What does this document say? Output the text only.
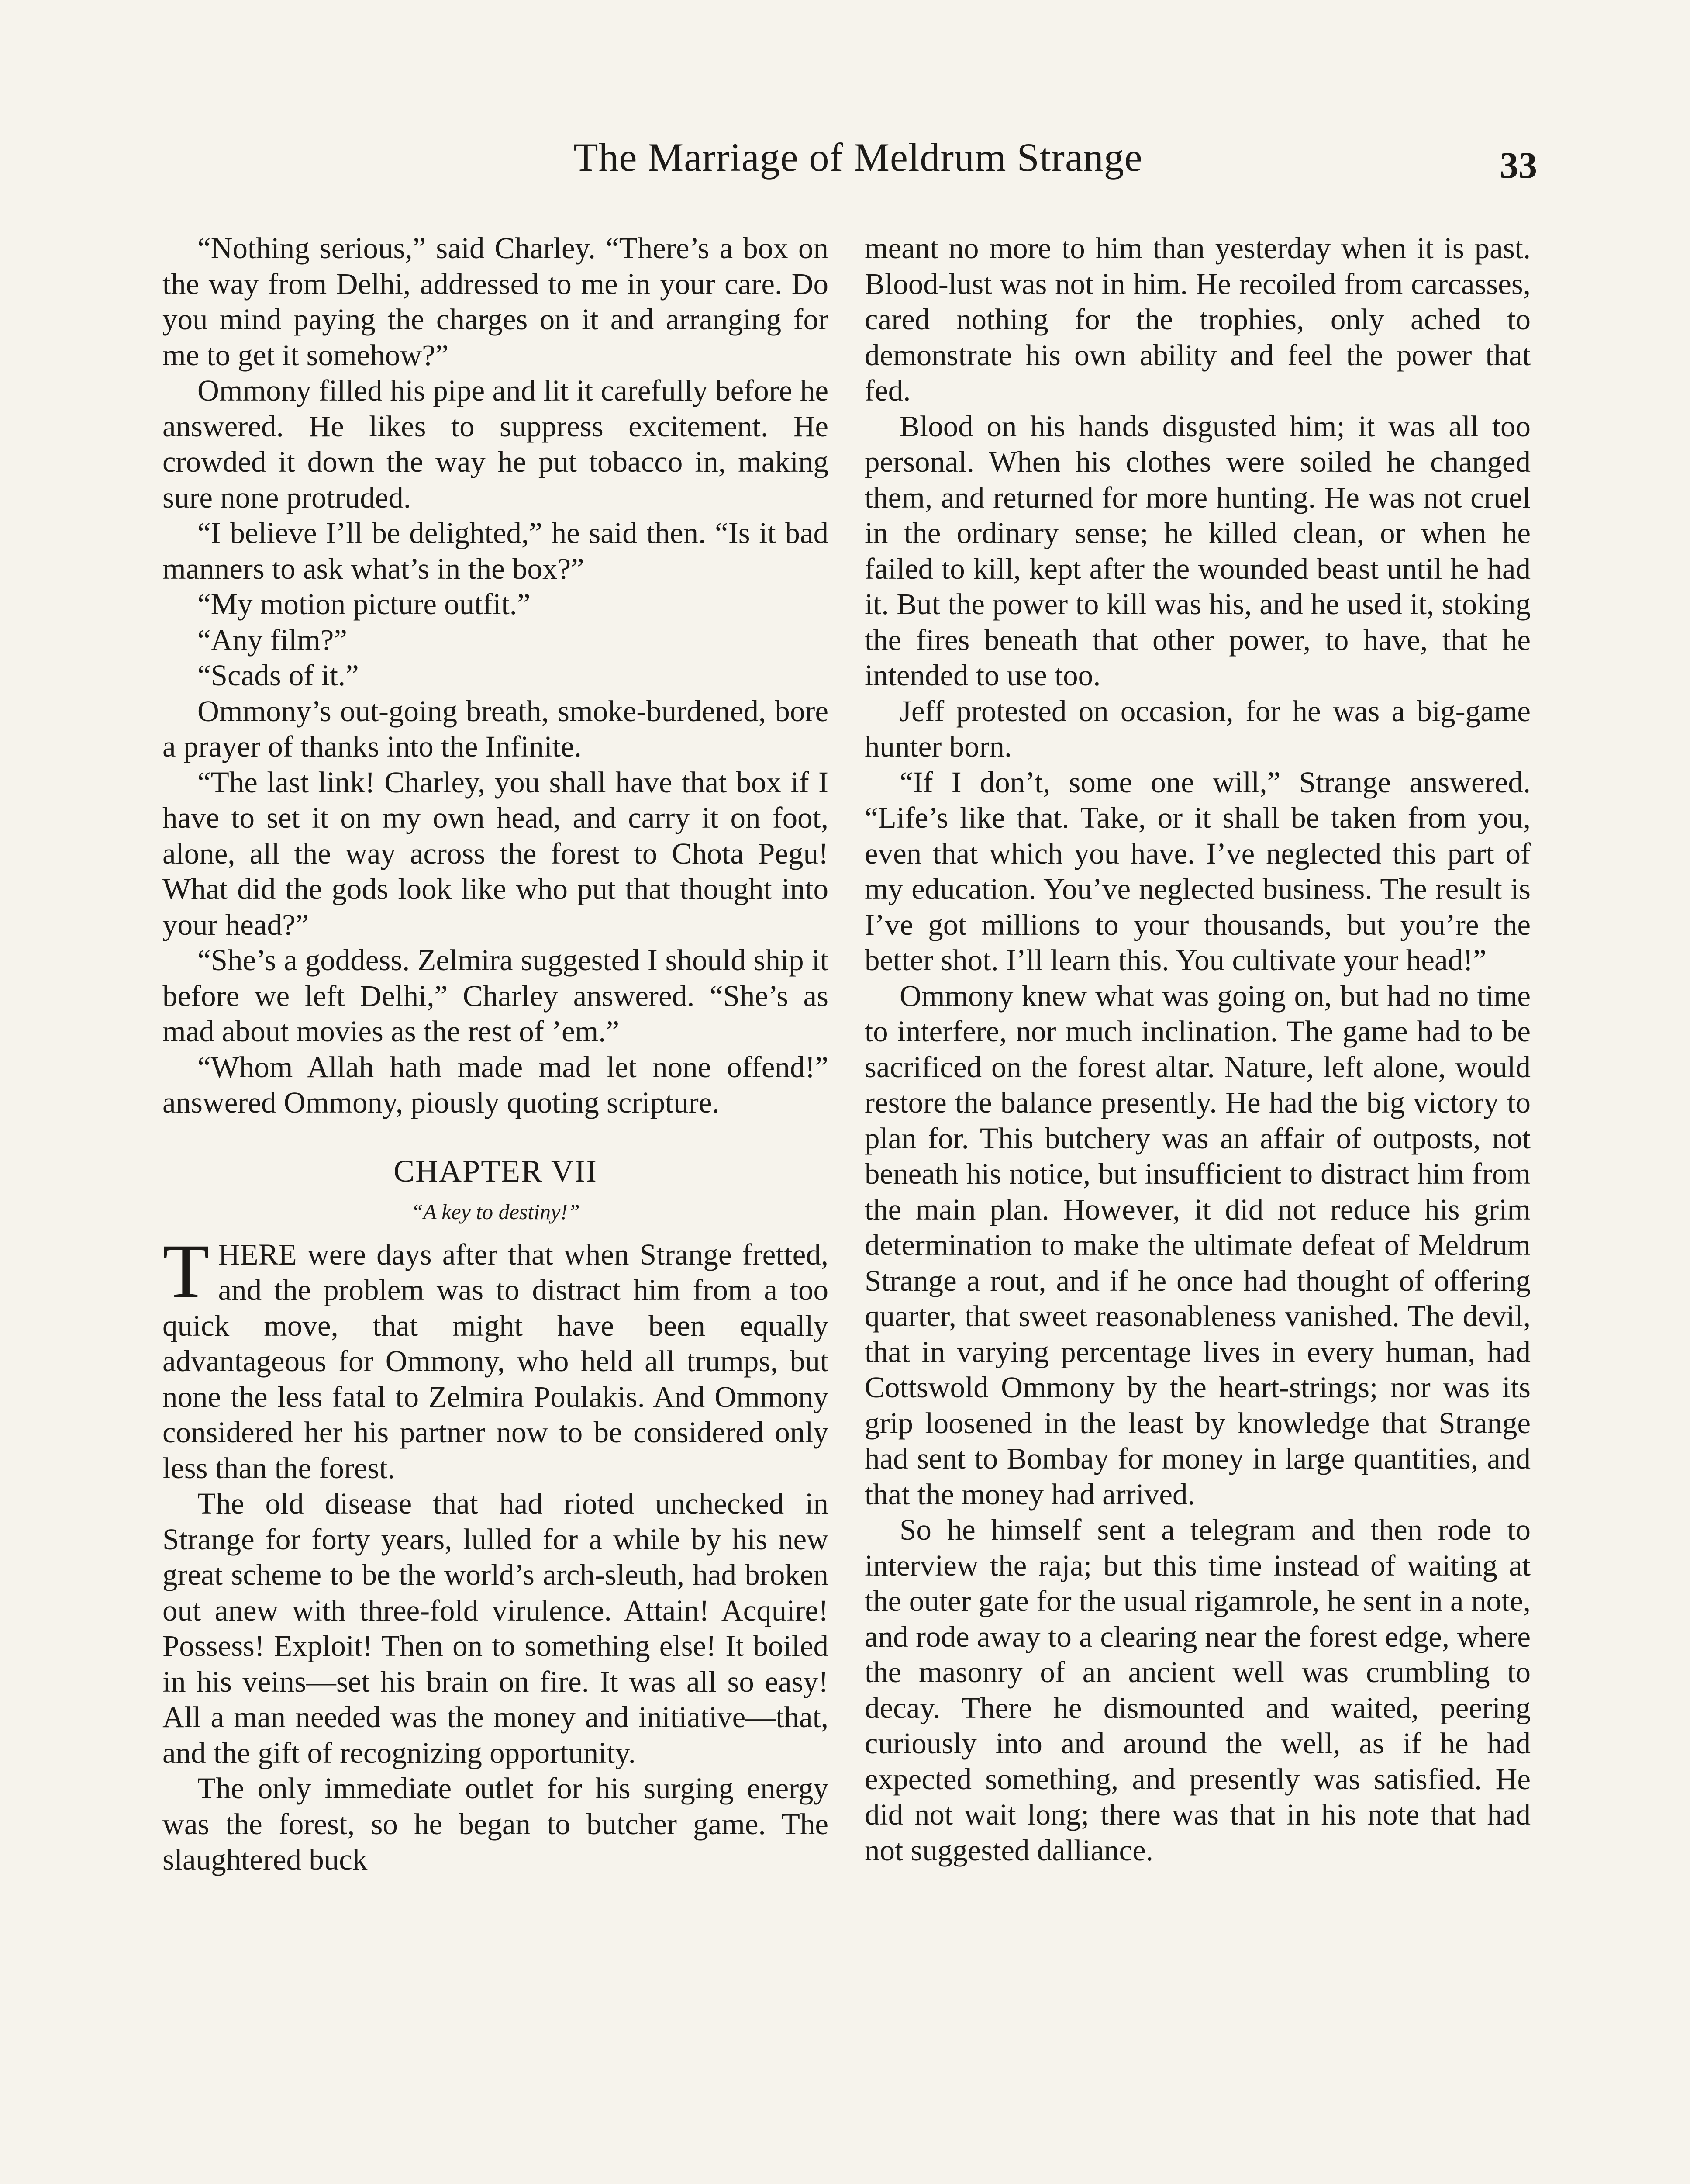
The Marriage of Meldrum Strange	33

“Nothing serious,” said Charley. “There’s a box on the way from Delhi, addressed to me in your care. Do you mind paying the charges on it and arranging for me to get it somehow?”

Ommony filled his pipe and lit it carefully before he answered. He likes to suppress excitement. He crowded it down the way he put tobacco in, making sure none protruded.

“I believe I’ll be delighted,” he said then. “Is it bad manners to ask what’s in the box?”

“My motion picture outfit.”

“Any film?”

“Scads of it.”

Ommony’s out-going breath, smoke-burdened, bore a prayer of thanks into the Infinite.

“The last link! Charley, you shall have that box if I have to set it on my own head, and carry it on foot, alone, all the way across the forest to Chota Pegu! What did the gods look like who put that thought into your head?”

“She’s a goddess. Zelmira suggested I should ship it before we left Delhi,” Charley answered. “She’s as mad about movies as the rest of ’em.”

“Whom Allah hath made mad let none offend!” answered Ommony, piously quoting scripture.

CHAPTER VII
“A key to destiny!”

THERE were days after that when Strange fretted, and the problem was to distract him from a too quick move, that might have been equally advantageous for Ommony, who held all trumps, but none the less fatal to Zelmira Poulakis. And Ommony considered her his partner now to be considered only less than the forest.

The old disease that had rioted unchecked in Strange for forty years, lulled for a while by his new great scheme to be the world’s arch-sleuth, had broken out anew with three-fold virulence. Attain! Acquire! Possess! Exploit! Then on to something else! It boiled in his veins—set his brain on fire. It was all so easy! All a man needed was the money and initiative—that, and the gift of recognizing opportunity.

The only immediate outlet for his surging energy was the forest, so he began to butcher game. The slaughtered buck

meant no more to him than yesterday when it is past. Blood-lust was not in him. He recoiled from carcasses, cared nothing for the trophies, only ached to demonstrate his own ability and feel the power that fed.

Blood on his hands disgusted him; it was all too personal. When his clothes were soiled he changed them, and returned for more hunting. He was not cruel in the ordinary sense; he killed clean, or when he failed to kill, kept after the wounded beast until he had it. But the power to kill was his, and he used it, stoking the fires beneath that other power, to have, that he intended to use too.

Jeff protested on occasion, for he was a big-game hunter born.

“If I don’t, some one will,” Strange answered. “Life’s like that. Take, or it shall be taken from you, even that which you have. I’ve neglected this part of my education. You’ve neglected business. The result is I’ve got millions to your thousands, but you’re the better shot. I’ll learn this. You cultivate your head!”

Ommony knew what was going on, but had no time to interfere, nor much inclination. The game had to be sacrificed on the forest altar. Nature, left alone, would restore the balance presently. He had the big victory to plan for. This butchery was an affair of outposts, not beneath his notice, but insufficient to distract him from the main plan. However, it did not reduce his grim determination to make the ultimate defeat of Meldrum Strange a rout, and if he once had thought of offering quarter, that sweet reasonableness vanished. The devil, that in varying percentage lives in every human, had Cottswold Ommony by the heart-strings; nor was its grip loosened in the least by knowledge that Strange had sent to Bombay for money in large quantities, and that the money had arrived.

So he himself sent a telegram and then rode to interview the raja; but this time instead of waiting at the outer gate for the usual rigamrole, he sent in a note, and rode away to a clearing near the forest edge, where the masonry of an ancient well was crumbling to decay. There he dismounted and waited, peering curiously into and around the well, as if he had expected something, and presently was satisfied. He did not wait long; there was that in his note that had not suggested dalliance.
